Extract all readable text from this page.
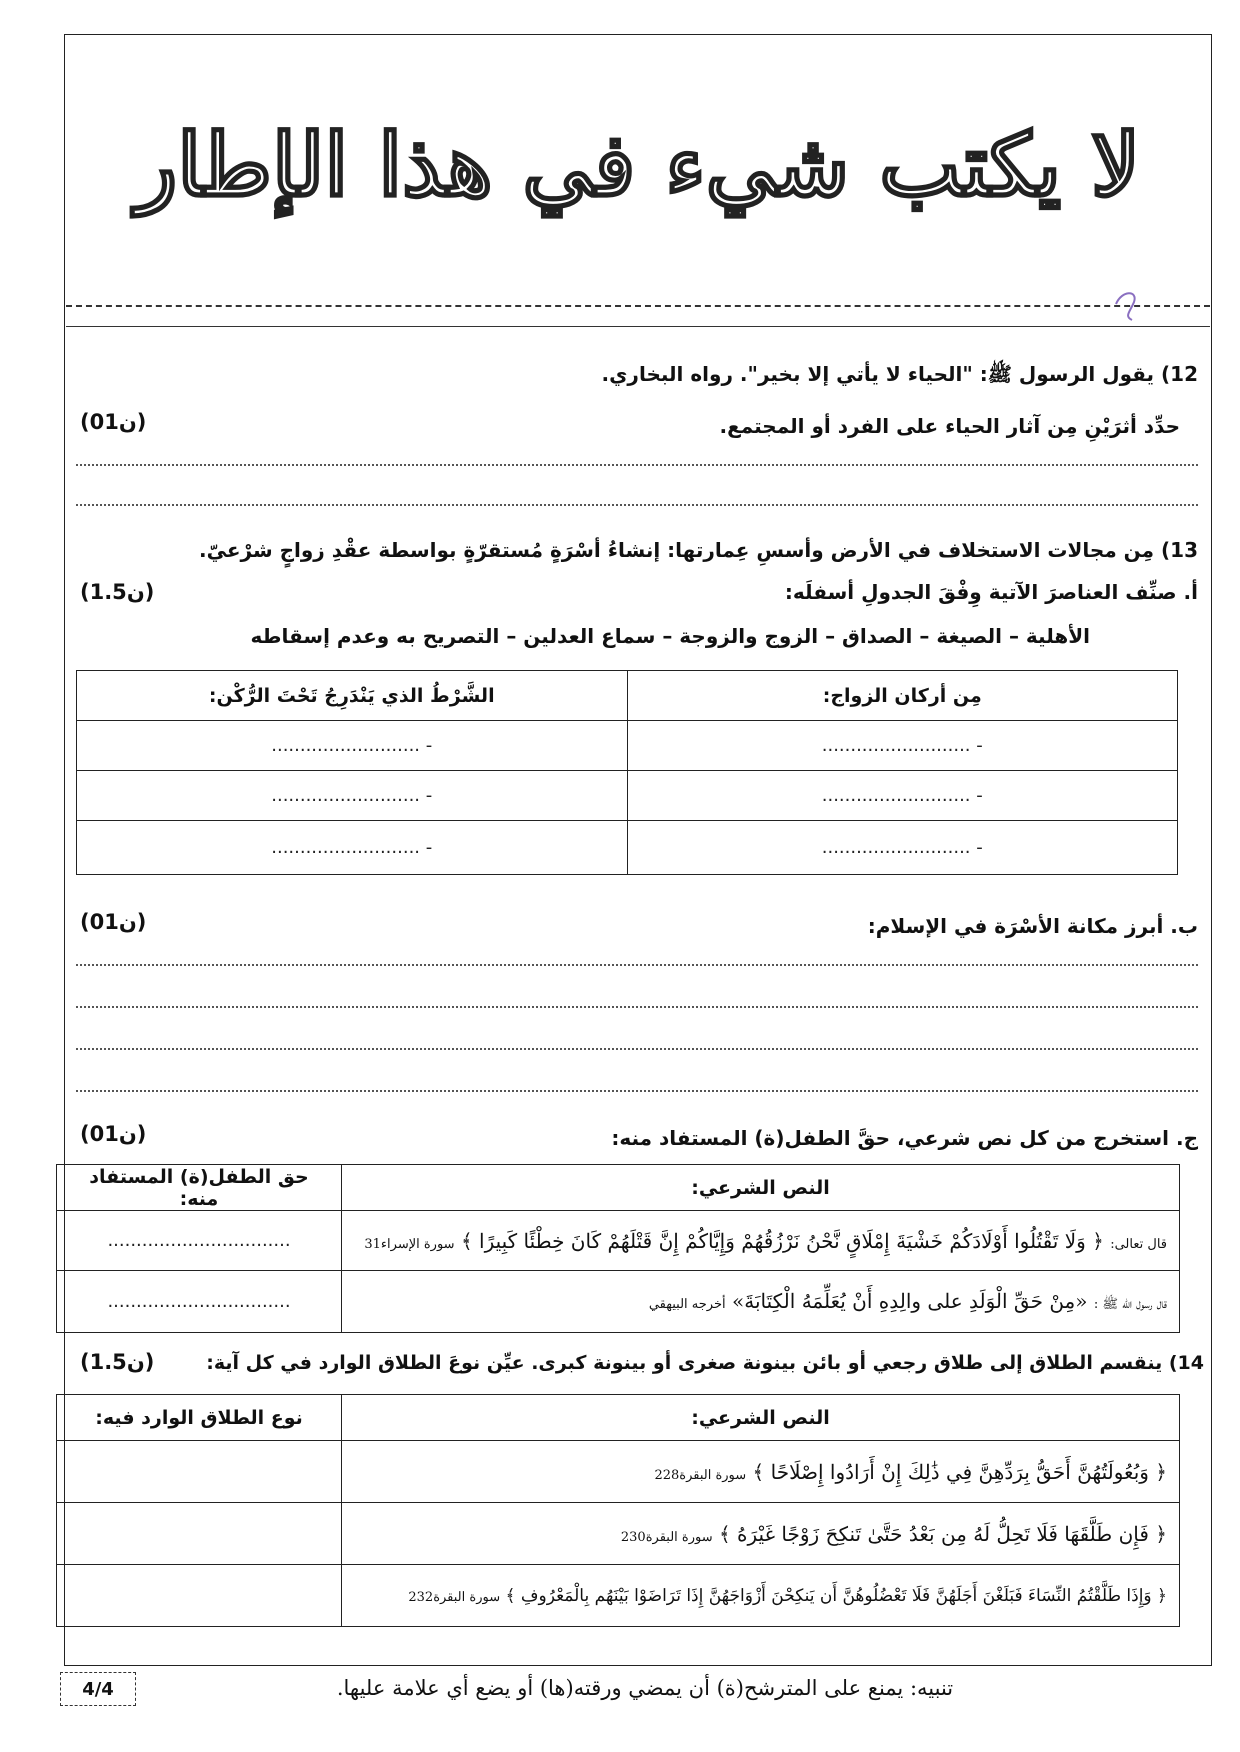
لا يكتب شيء في هذا الإطار
12) يقول الرسول ﷺ: "الحياء لا يأتي إلا بخير". رواه البخاري.
حدِّد أثرَيْنِ مِن آثار الحياء على الفرد أو المجتمع.
(01ن)
13) مِن مجالات الاستخلاف في الأرض وأسسِ عِمارتها: إنشاءُ أسْرَةٍ مُستقرّةٍ بواسطة عقْدِ زواجٍ شرْعيّ.
أ. صنِّف العناصرَ الآتية وِفْقَ الجدولِ أسفلَه:
(1.5ن)
الأهلية – الصيغة – الصداق – الزوج والزوجة – سماع العدلين – التصريح به وعدم إسقاطه
مِن أركان الزواج:	الشَّرْطُ الذي يَنْدَرِجُ تَحْتَ الرُّكْن:
- ..........................	- ..........................
- ..........................	- ..........................
- ..........................	- ..........................
ب. أبرز مكانة الأسْرَة في الإسلام:
(01ن)
ج. استخرج من كل نص شرعي، حقَّ الطفل(ة) المستفاد منه:
(01ن)
النص الشرعي:	حق الطفل(ة) المستفاد منه:
قال تعالى: ﴿ وَلَا تَقْتُلُوا أَوْلَادَكُمْ خَشْيَةَ إِمْلَاقٍ نَّحْنُ نَرْزُقُهُمْ وَإِيَّاكُمْ إِنَّ قَتْلَهُمْ كَانَ خِطْئًا كَبِيرًا ﴾ سورة الإسراء31	................................
قال رسول الله ﷺ : «مِنْ حَقِّ الْوَلَدِ على والِدِهِ أَنْ يُعَلِّمَهُ الْكِتَابَةَ» أخرجه البيهقي	................................
14) ينقسم الطلاق إلى طلاق رجعي أو بائن بينونة صغرى أو بينونة كبرى. عيِّن نوعَ الطلاق الوارد في كل آية:
(1.5ن)
النص الشرعي:	نوع الطلاق الوارد فيه:
﴿ وَبُعُولَتُهُنَّ أَحَقُّ بِرَدِّهِنَّ فِي ذَٰلِكَ إِنْ أَرَادُوا إِصْلَاحًا ﴾ سورة البقرة228	
﴿ فَإِن طَلَّقَهَا فَلَا تَحِلُّ لَهُ مِن بَعْدُ حَتَّىٰ تَنكِحَ زَوْجًا غَيْرَهُ ﴾ سورة البقرة230	
﴿ وَإِذَا طَلَّقْتُمُ النِّسَاءَ فَبَلَغْنَ أَجَلَهُنَّ فَلَا تَعْضُلُوهُنَّ أَن يَنكِحْنَ أَزْوَاجَهُنَّ إِذَا تَرَاضَوْا بَيْنَهُم بِالْمَعْرُوفِ ﴾ سورة البقرة232	
4/4	تنبيه: يمنع على المترشح(ة) أن يمضي ورقته(ها) أو يضع أي علامة عليها.
